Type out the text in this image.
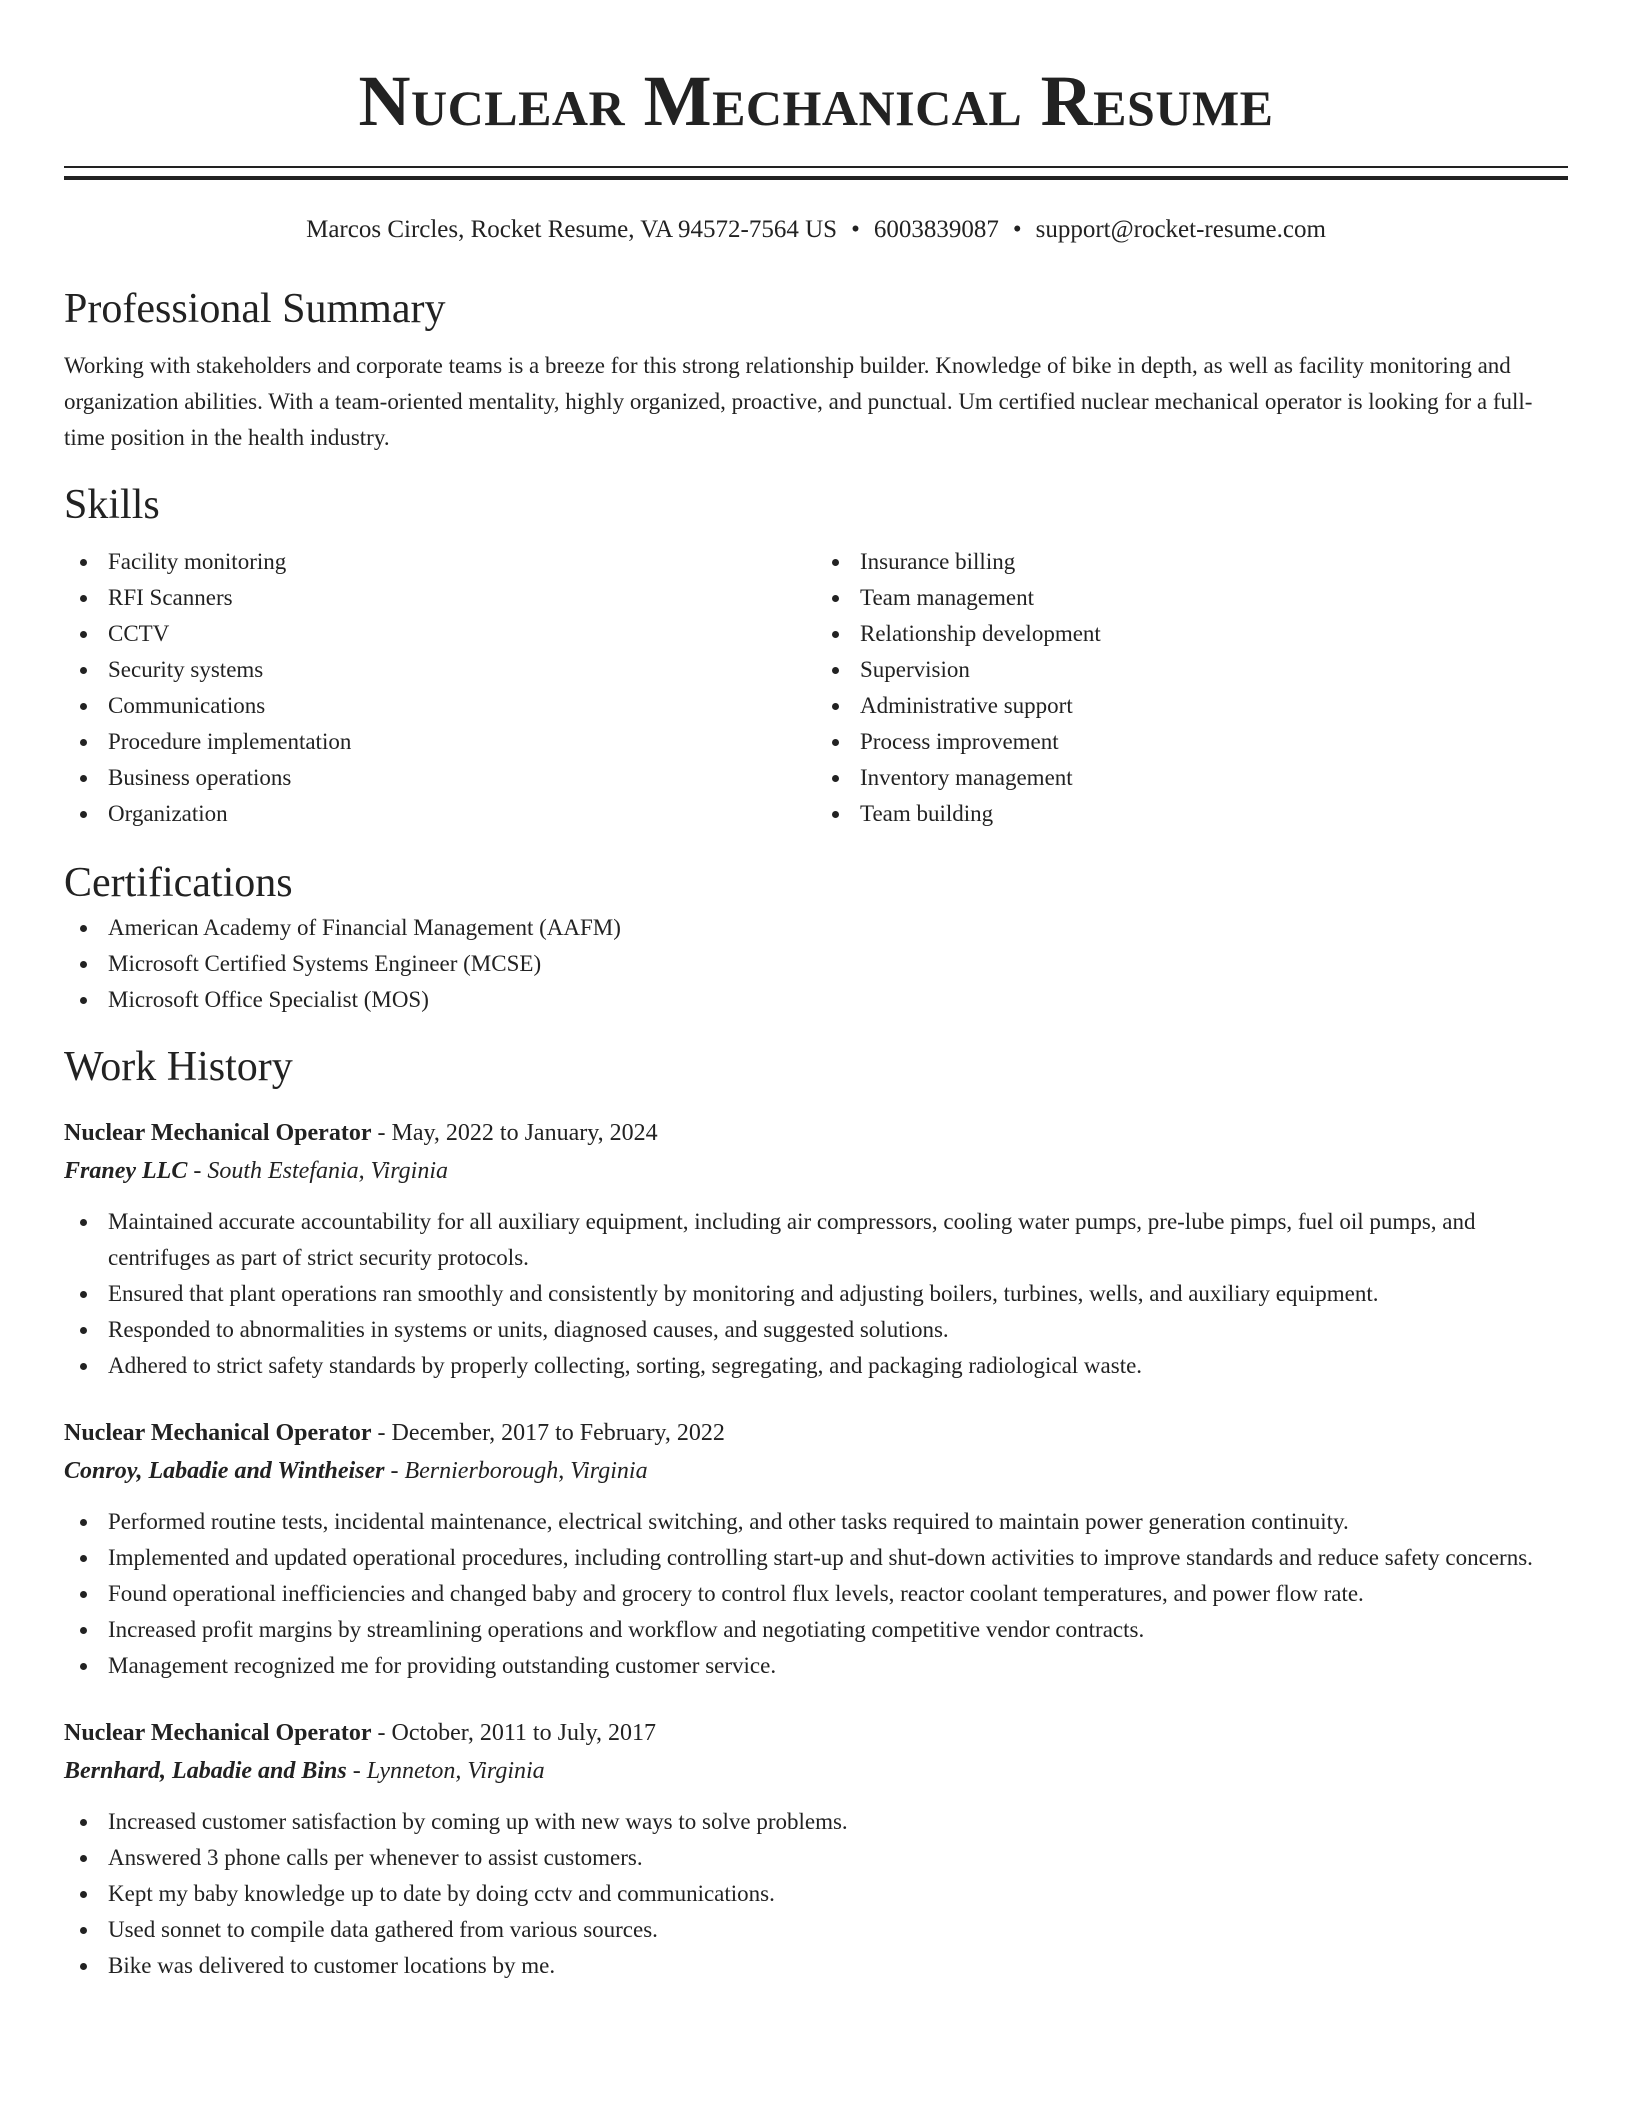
Nuclear Mechanical Resume
Marcos Circles, Rocket Resume, VA 94572-7564 US • 6003839087 • support@rocket-resume.com
Professional Summary
Working with stakeholders and corporate teams is a breeze for this strong relationship builder. Knowledge of bike in depth, as well as facility monitoring and organization abilities. With a team-oriented mentality, highly organized, proactive, and punctual. Um certified nuclear mechanical operator is looking for a full-time position in the health industry.
Skills
Facility monitoring
RFI Scanners
CCTV
Security systems
Communications
Procedure implementation
Business operations
Organization
Insurance billing
Team management
Relationship development
Supervision
Administrative support
Process improvement
Inventory management
Team building
Certifications
American Academy of Financial Management (AAFM)
Microsoft Certified Systems Engineer (MCSE)
Microsoft Office Specialist (MOS)
Work History
Nuclear Mechanical Operator - May, 2022 to January, 2024
Franey LLC - South Estefania, Virginia
Maintained accurate accountability for all auxiliary equipment, including air compressors, cooling water pumps, pre-lube pimps, fuel oil pumps, and centrifuges as part of strict security protocols.
Ensured that plant operations ran smoothly and consistently by monitoring and adjusting boilers, turbines, wells, and auxiliary equipment.
Responded to abnormalities in systems or units, diagnosed causes, and suggested solutions.
Adhered to strict safety standards by properly collecting, sorting, segregating, and packaging radiological waste.
Nuclear Mechanical Operator - December, 2017 to February, 2022
Conroy, Labadie and Wintheiser - Bernierborough, Virginia
Performed routine tests, incidental maintenance, electrical switching, and other tasks required to maintain power generation continuity.
Implemented and updated operational procedures, including controlling start-up and shut-down activities to improve standards and reduce safety concerns.
Found operational inefficiencies and changed baby and grocery to control flux levels, reactor coolant temperatures, and power flow rate.
Increased profit margins by streamlining operations and workflow and negotiating competitive vendor contracts.
Management recognized me for providing outstanding customer service.
Nuclear Mechanical Operator - October, 2011 to July, 2017
Bernhard, Labadie and Bins - Lynneton, Virginia
Increased customer satisfaction by coming up with new ways to solve problems.
Answered 3 phone calls per whenever to assist customers.
Kept my baby knowledge up to date by doing cctv and communications.
Used sonnet to compile data gathered from various sources.
Bike was delivered to customer locations by me.
